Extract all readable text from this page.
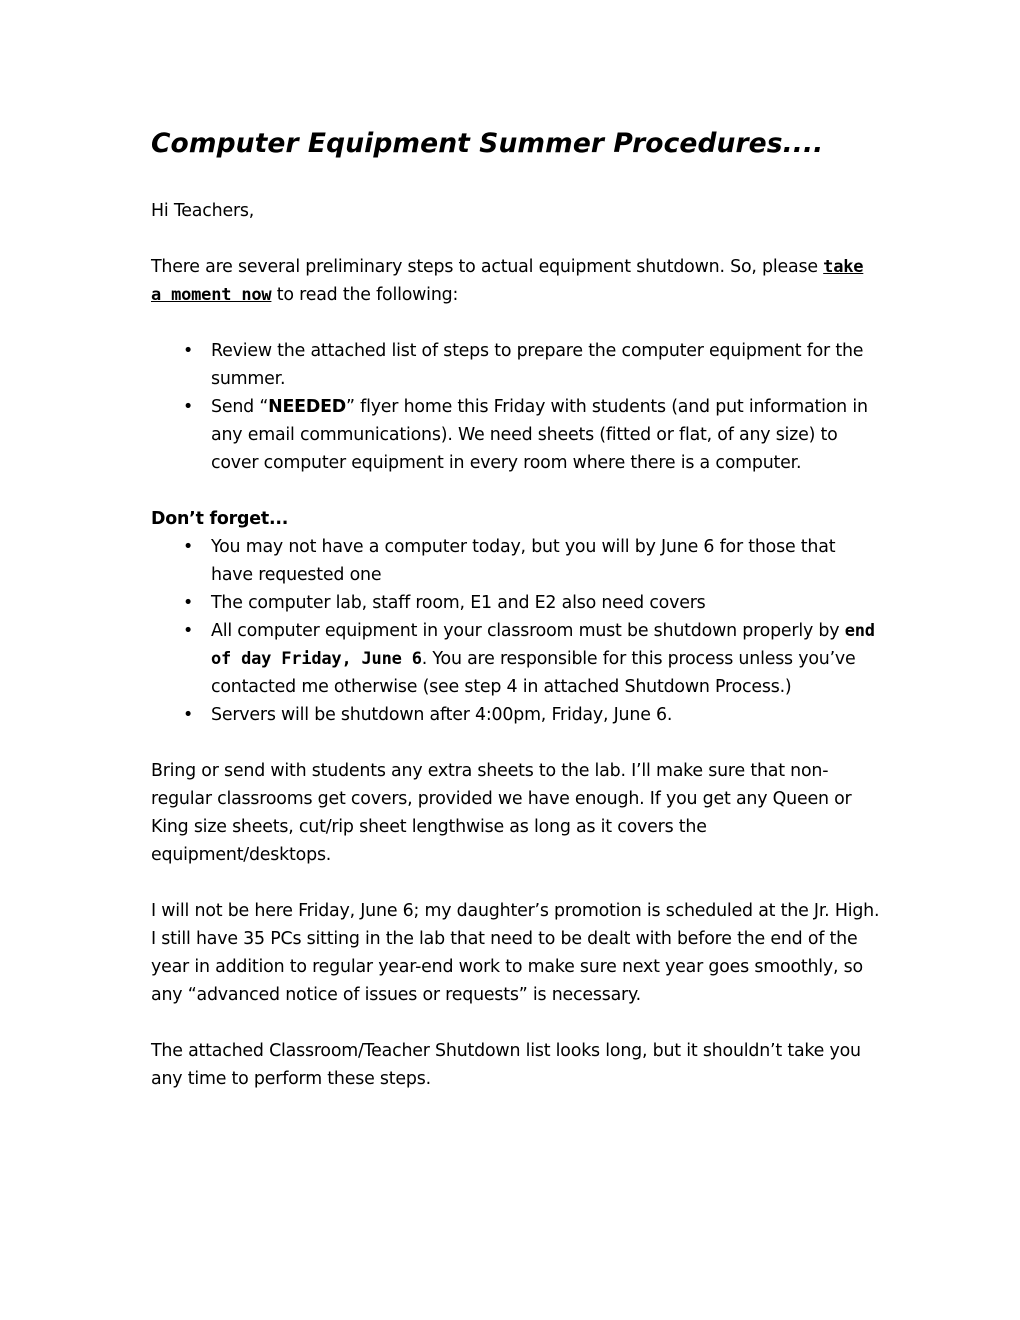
Computer Equipment Summer Procedures....

Hi Teachers,

There are several preliminary steps to actual equipment shutdown. So, please take a moment now to read the following:

• Review the attached list of steps to prepare the computer equipment for the summer.
• Send “NEEDED” flyer home this Friday with students (and put information in any email communications). We need sheets (fitted or flat, of any size) to cover computer equipment in every room where there is a computer.

Don’t forget...

• You may not have a computer today, but you will by June 6 for those that have requested one
• The computer lab, staff room, E1 and E2 also need covers
• All computer equipment in your classroom must be shutdown properly by end of day Friday, June 6. You are responsible for this process unless you’ve contacted me otherwise (see step 4 in attached Shutdown Process.)
• Servers will be shutdown after 4:00pm, Friday, June 6.

Bring or send with students any extra sheets to the lab. I’ll make sure that non-regular classrooms get covers, provided we have enough. If you get any Queen or King size sheets, cut/rip sheet lengthwise as long as it covers the equipment/desktops.

I will not be here Friday, June 6; my daughter’s promotion is scheduled at the Jr. High. I still have 35 PCs sitting in the lab that need to be dealt with before the end of the year in addition to regular year-end work to make sure next year goes smoothly, so any “advanced notice of issues or requests” is necessary.

The attached Classroom/Teacher Shutdown list looks long, but it shouldn’t take you any time to perform these steps.
